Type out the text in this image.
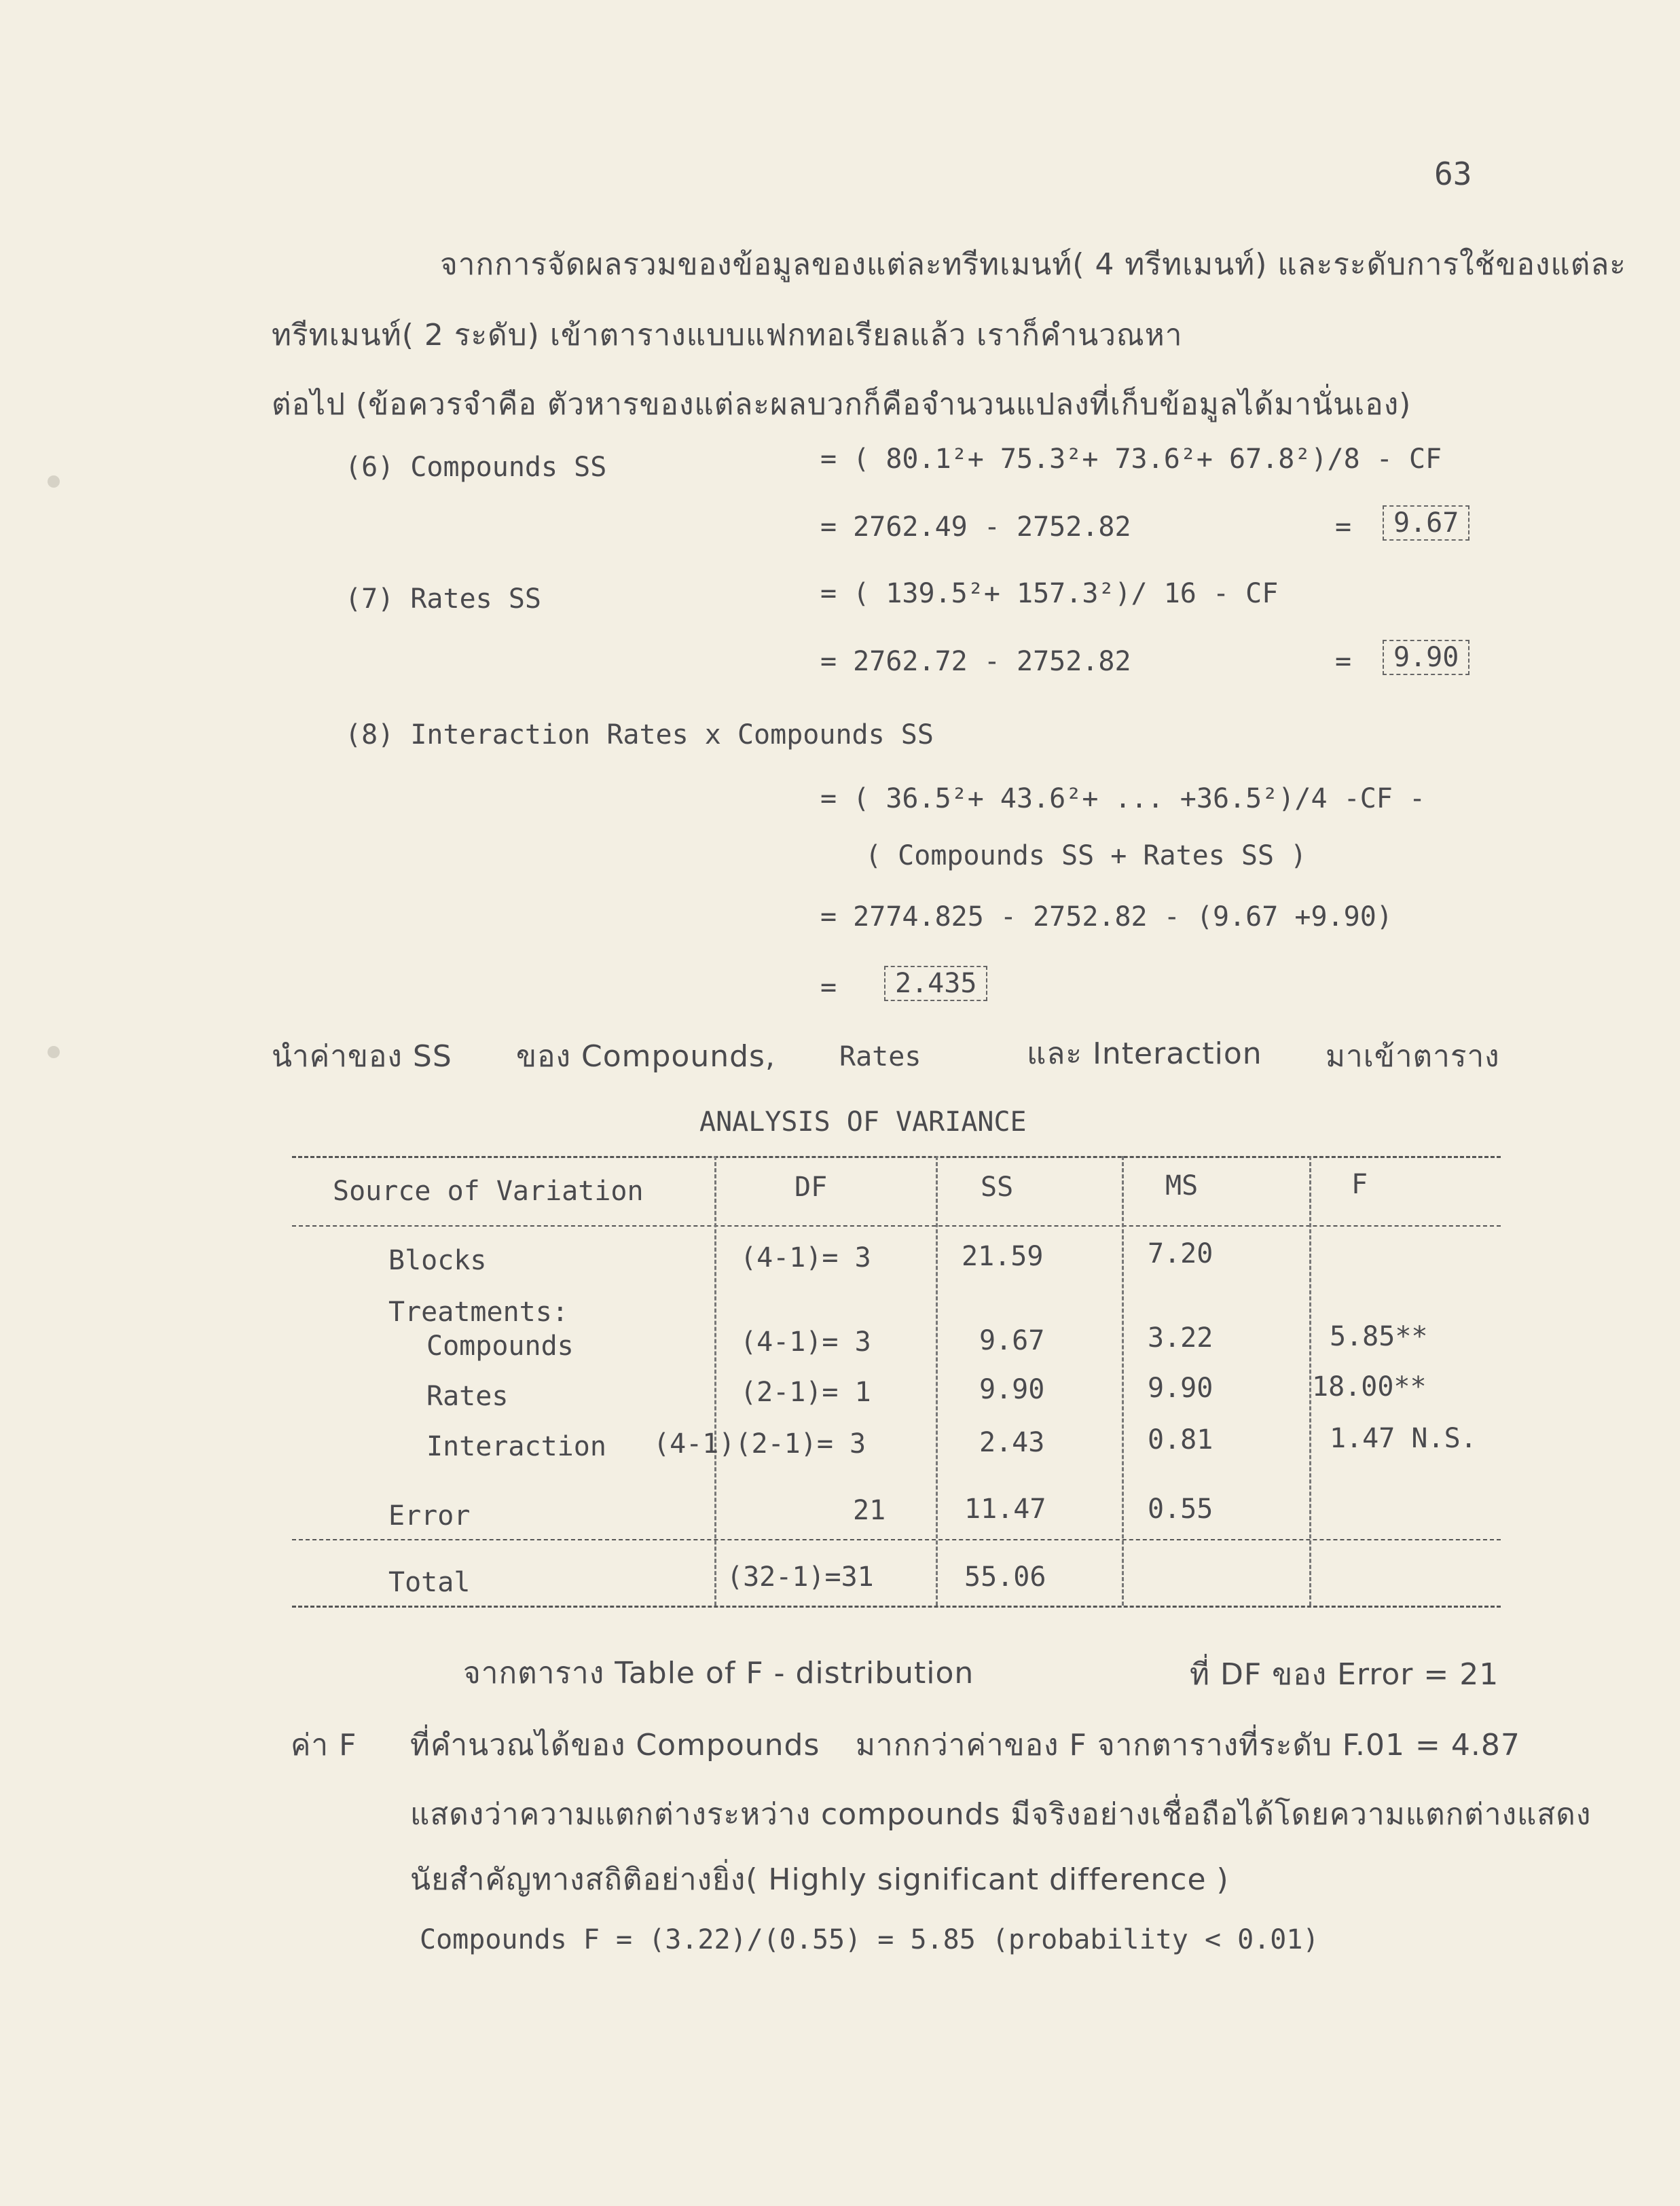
63
จากการจัดผลรวมของข้อมูลของแต่ละทรีทเมนท์( 4 ทรีทเมนท์) และระดับการใช้ของแต่ละ
ทรีทเมนท์( 2 ระดับ) เข้าตารางแบบแฟกทอเรียลแล้ว เราก็คำนวณหา
ต่อไป (ข้อควรจำคือ ตัวหารของแต่ละผลบวกก็คือจำนวนแปลงที่เก็บข้อมูลได้มานั่นเอง)
(6) Compounds SS	= ( 80.1²+ 75.3²+ 73.6²+ 67.8²)/8 - CF
= 2762.49 - 2752.82	=	9.67
(7) Rates SS	= ( 139.5²+ 157.3²)/ 16 - CF
= 2762.72 - 2752.82	=	9.90
(8) Interaction Rates x Compounds SS
= ( 36.5²+ 43.6²+ ... +36.5²)/4 -CF -
( Compounds SS + Rates SS )
= 2774.825 - 2752.82 - (9.67 +9.90)
=	2.435
นำค่าของ SS ของ Compounds, Rates	และ Interaction มาเข้าตาราง
ANALYSIS OF VARIANCE
Source of Variation	DF	SS	MS	F
Blocks	(4-1)= 3	21.59	7.20
Treatments:
Compounds	(4-1)= 3	9.67	3.22	5.85**
Rates	(2-1)= 1	9.90	9.90	18.00**
Interaction (4-1)(2-1)= 3	2.43	0.81	1.47 N.S.
Error	21	11.47	0.55
Total	(32-1)=31	55.06
จากตาราง Table of F - distribution	ที่ DF ของ Error = 21
ค่า F ที่คำนวณได้ของ Compounds มากกว่าค่าของ F จากตารางที่ระดับ F.01 = 4.87
แสดงว่าความแตกต่างระหว่าง compounds มีจริงอย่างเชื่อถือได้โดยความแตกต่างแสดง
นัยสำคัญทางสถิติอย่างยิ่ง( Highly significant difference )
Compounds F = (3.22)/(0.55) = 5.85 (probability < 0.01)
